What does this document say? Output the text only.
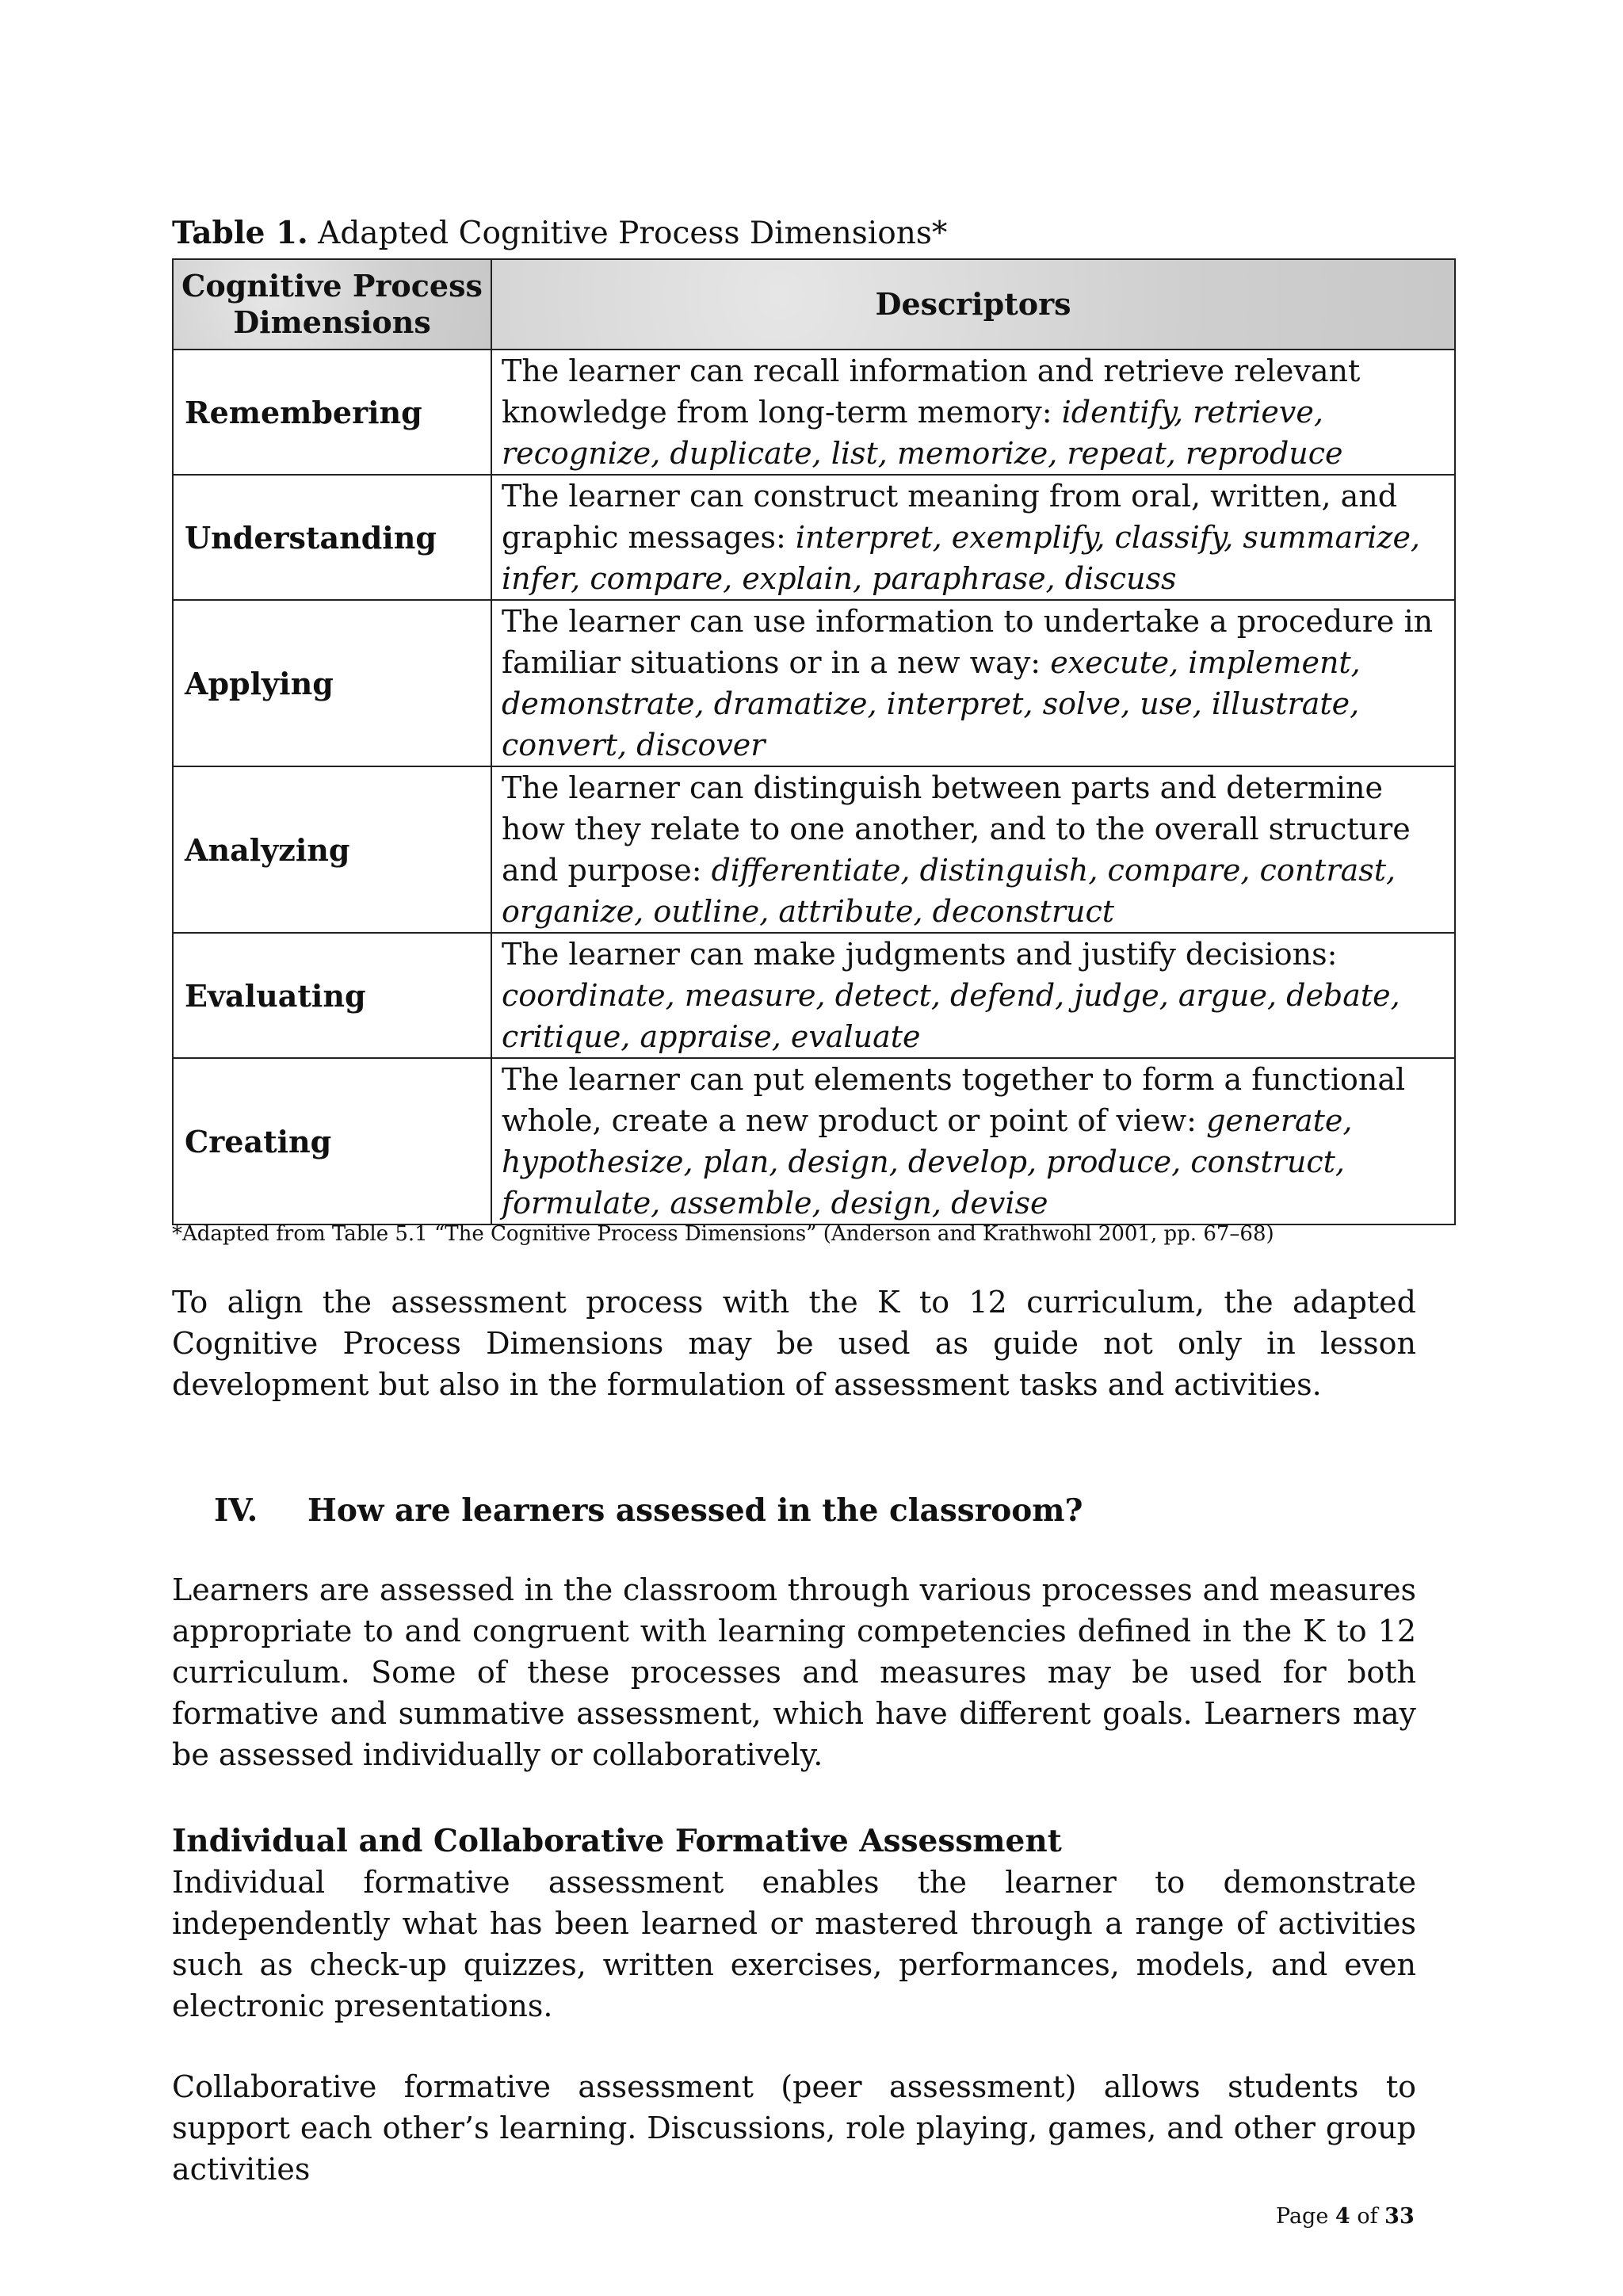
Table 1. Adapted Cognitive Process Dimensions*
Cognitive Process Dimensions	Descriptors
Remembering	The learner can recall information and retrieve relevant knowledge from long-term memory: identify, retrieve, recognize, duplicate, list, memorize, repeat, reproduce
Understanding	The learner can construct meaning from oral, written, and graphic messages: interpret, exemplify, classify, summarize, infer, compare, explain, paraphrase, discuss
Applying	The learner can use information to undertake a procedure in familiar situations or in a new way: execute, implement, demonstrate, dramatize, interpret, solve, use, illustrate, convert, discover
Analyzing	The learner can distinguish between parts and determine how they relate to one another, and to the overall structure and purpose: differentiate, distinguish, compare, contrast, organize, outline, attribute, deconstruct
Evaluating	The learner can make judgments and justify decisions: coordinate, measure, detect, defend, judge, argue, debate, critique, appraise, evaluate
Creating	The learner can put elements together to form a functional whole, create a new product or point of view: generate, hypothesize, plan, design, develop, produce, construct, formulate, assemble, design, devise
*Adapted from Table 5.1 “The Cognitive Process Dimensions” (Anderson and Krathwohl 2001, pp. 67–68)
To align the assessment process with the K to 12 curriculum, the adapted Cognitive Process Dimensions may be used as guide not only in lesson development but also in the formulation of assessment tasks and activities.
IV. How are learners assessed in the classroom?
Learners are assessed in the classroom through various processes and measures appropriate to and congruent with learning competencies defined in the K to 12 curriculum. Some of these processes and measures may be used for both formative and summative assessment, which have different goals. Learners may be assessed individually or collaboratively.
Individual and Collaborative Formative Assessment
Individual formative assessment enables the learner to demonstrate independently what has been learned or mastered through a range of activities such as check-up quizzes, written exercises, performances, models, and even electronic presentations.
Collaborative formative assessment (peer assessment) allows students to support each other’s learning. Discussions, role playing, games, and other group activities
Page 4 of 33
